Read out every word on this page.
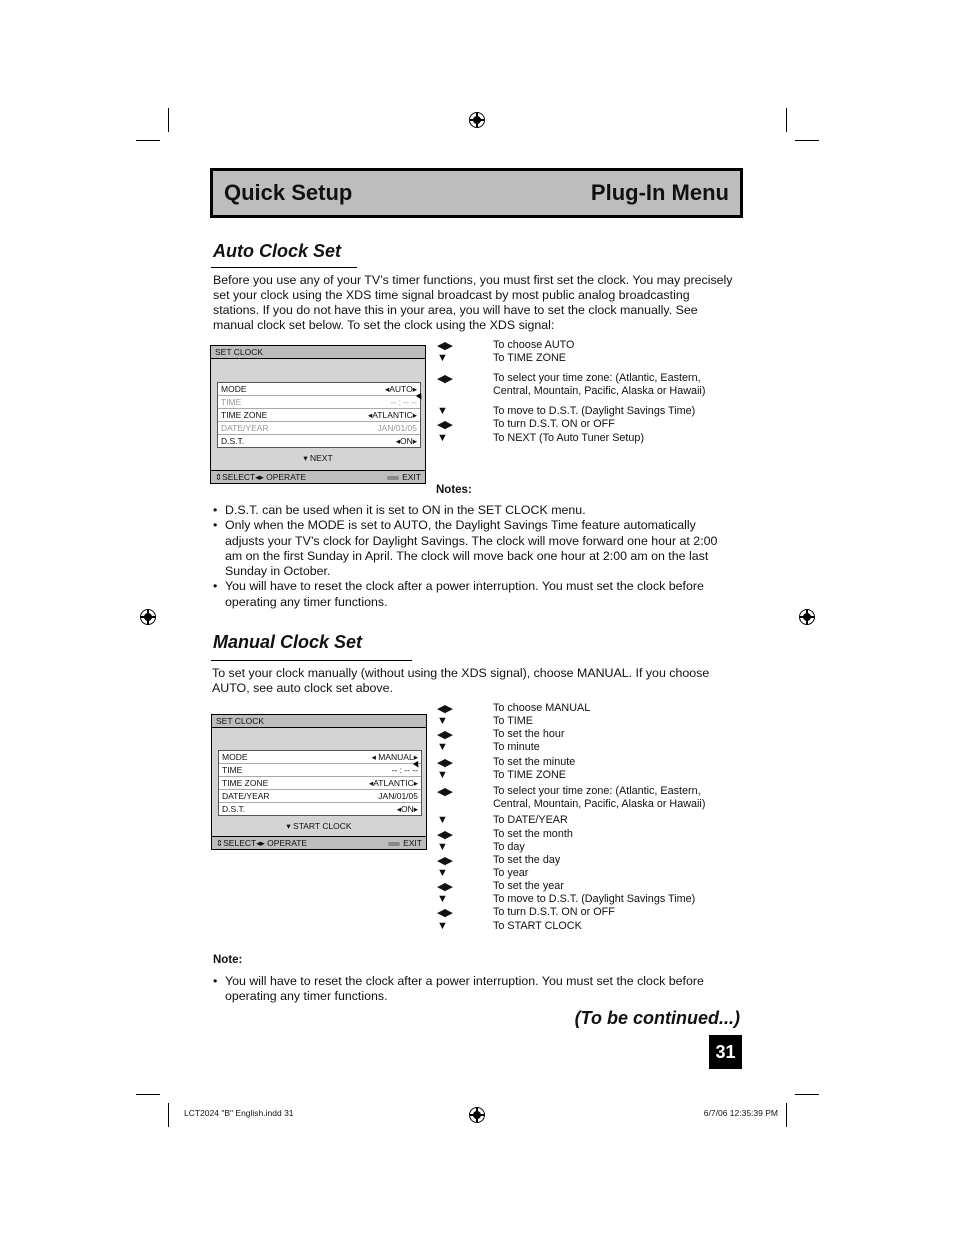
Quick Setup	Plug-In Menu
Auto Clock Set
Before you use any of your TV’s timer functions, you must first set the clock. You may precisely set your clock using the XDS time signal broadcast by most public analog broadcasting stations. If you do not have this in your area, you will have to set the clock manually. See manual clock set below. To set the clock using the XDS signal:
SET CLOCK
MODE	◂AUTO▸
TIME	-- : -- --
TIME ZONE	◂ATLANTIC▸
DATE/YEAR	JAN/01/05
D.S.T.	◂ON▸
▾ NEXT
⇕SELECT◂▸ OPERATE	EXIT
◀▶	To choose AUTO
▼	To TIME ZONE
◀▶	To select your time zone: (Atlantic, Eastern,
Central, Mountain, Pacific, Alaska or Hawaii)
▼	To move to D.S.T. (Daylight Savings Time)
◀▶	To turn D.S.T. ON or OFF
▼	To NEXT (To Auto Tuner Setup)
Notes:
• D.S.T. can be used when it is set to ON in the SET CLOCK menu.
• Only when the MODE is set to AUTO, the Daylight Savings Time feature automatically adjusts your TV’s clock for Daylight Savings. The clock will move forward one hour at 2:00 am on the first Sunday in April. The clock will move back one hour at 2:00 am on the last Sunday in October.
• You will have to reset the clock after a power interruption. You must set the clock before operating any timer functions.
Manual Clock Set
To set your clock manually (without using the XDS signal), choose MANUAL. If you choose AUTO, see auto clock set above.
SET CLOCK
MODE	◂ MANUAL▸
TIME	-- : -- --
TIME ZONE	◂ATLANTIC▸
DATE/YEAR	JAN/01/05
D.S.T.	◂ON▸
▾ START CLOCK
⇕SELECT◂▸ OPERATE	EXIT
◀▶	To choose MANUAL
▼	To TIME
◀▶	To set the hour
▼	To minute
◀▶	To set the minute
▼	To TIME ZONE
◀▶	To select your time zone: (Atlantic, Eastern,
Central, Mountain, Pacific, Alaska or Hawaii)
▼	To DATE/YEAR
◀▶	To set the month
▼	To day
◀▶	To set the day
▼	To year
◀▶	To set the year
▼	To move to D.S.T. (Daylight Savings Time)
◀▶	To turn D.S.T. ON or OFF
▼	To START CLOCK
Note:
• You will have to reset the clock after a power interruption. You must set the clock before operating any timer functions.
(To be continued...)
31
LCT2024 "B" English.indd 31	6/7/06 12:35:39 PM
